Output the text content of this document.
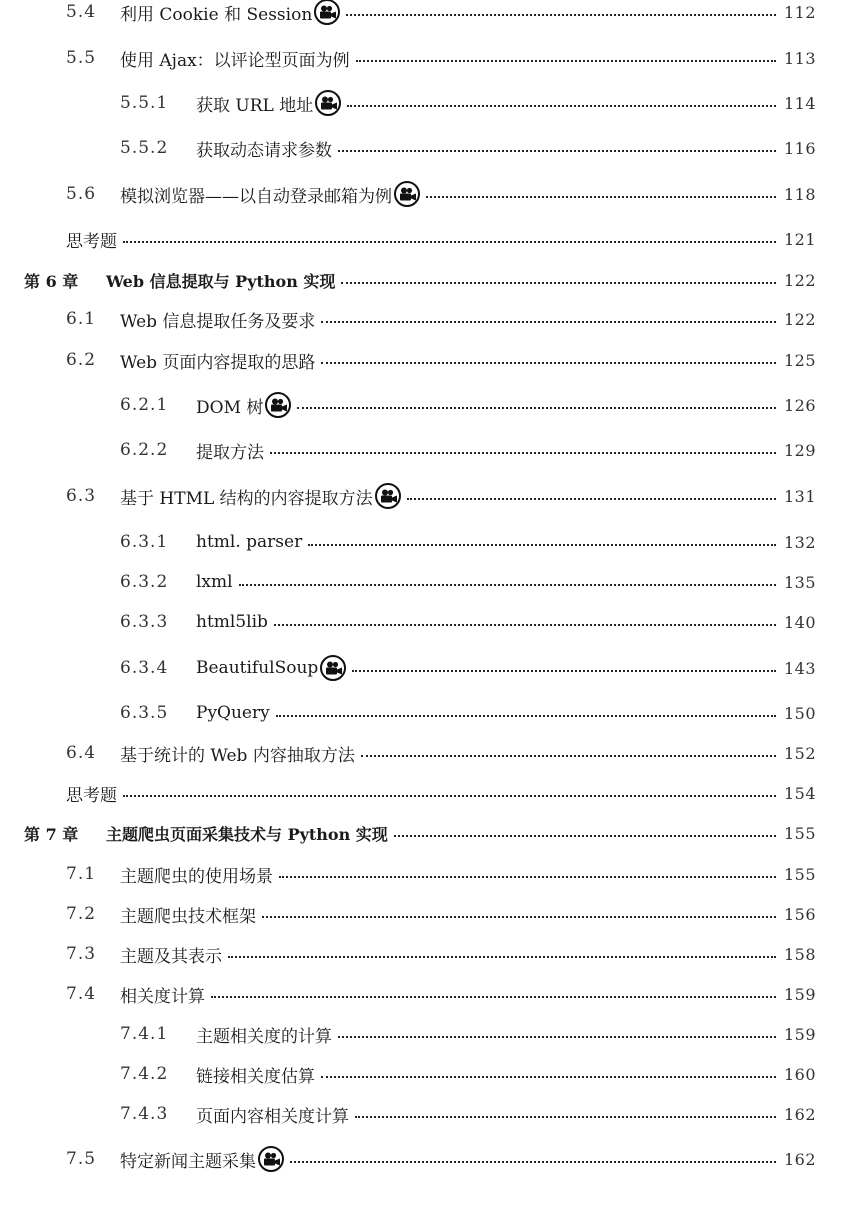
5.4	利用 Cookie 和 Session	112
5.5	使用 Ajax：以评论型页面为例	113
5.5.1	获取 URL 地址	114
5.5.2	获取动态请求参数	116
5.6	模拟浏览器——以自动登录邮箱为例	118
思考题	121
第 6 章	Web 信息提取与 Python 实现	122
6.1	Web 信息提取任务及要求	122
6.2	Web 页面内容提取的思路	125
6.2.1	DOM 树	126
6.2.2	提取方法	129
6.3	基于 HTML 结构的内容提取方法	131
6.3.1	html. parser	132
6.3.2	lxml	135
6.3.3	html5lib	140
6.3.4	BeautifulSoup	143
6.3.5	PyQuery	150
6.4	基于统计的 Web 内容抽取方法	152
思考题	154
第 7 章	主题爬虫页面采集技术与 Python 实现	155
7.1	主题爬虫的使用场景	155
7.2	主题爬虫技术框架	156
7.3	主题及其表示	158
7.4	相关度计算	159
7.4.1	主题相关度的计算	159
7.4.2	链接相关度估算	160
7.4.3	页面内容相关度计算	162
7.5	特定新闻主题采集	162
